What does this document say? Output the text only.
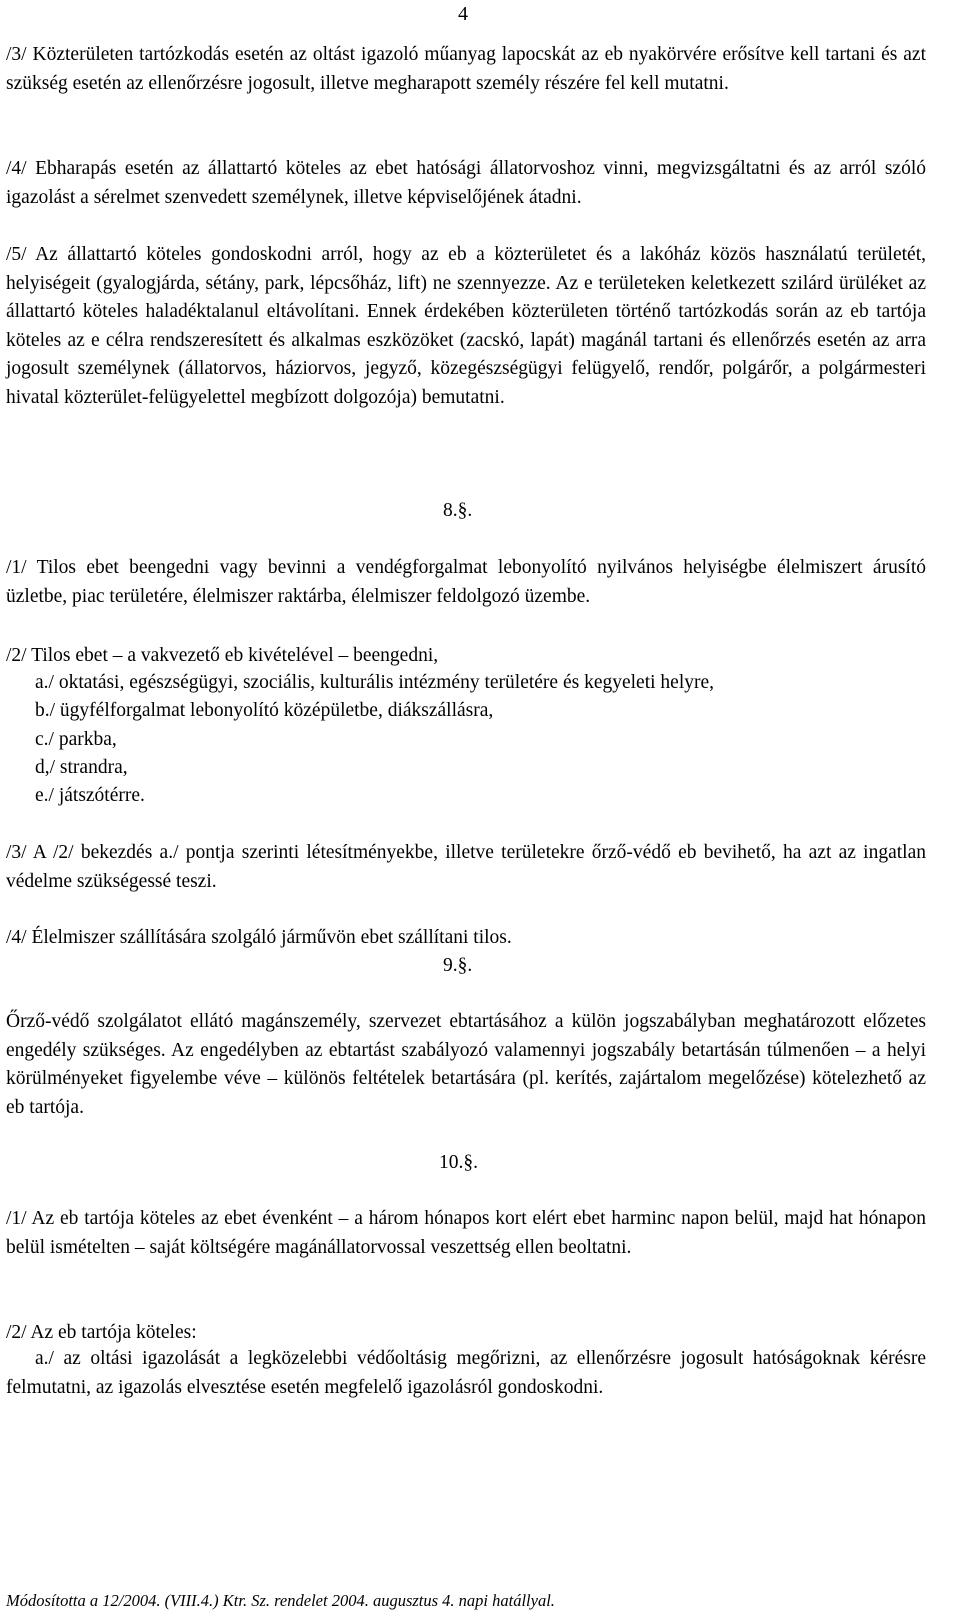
4

/3/ Közterületen tartózkodás esetén az oltást igazoló műanyag lapocskát az eb nyakörvére erősítve kell tartani és azt szükség esetén az ellenőrzésre jogosult, illetve megharapott személy részére fel kell mutatni.

/4/ Ebharapás esetén az állattartó köteles az ebet hatósági állatorvoshoz vinni, megvizsgáltatni és az arról szóló igazolást a sérelmet szenvedett személynek, illetve képviselőjének átadni.

/5/ Az állattartó köteles gondoskodni arról, hogy az eb a közterületet és a lakóház közös használatú területét, helyiségeit (gyalogjárda, sétány, park, lépcsőház, lift) ne szennyezze. Az e területeken keletkezett szilárd ürüléket az állattartó köteles haladéktalanul eltávolítani. Ennek érdekében közterületen történő tartózkodás során az eb tartója köteles az e célra rendszeresített és alkalmas eszközöket (zacskó, lapát) magánál tartani és ellenőrzés esetén az arra jogosult személynek (állatorvos, háziorvos, jegyző, közegészségügyi felügyelő, rendőr, polgárőr, a polgármesteri hivatal közterület-felügyelettel megbízott dolgozója) bemutatni.

8.§.

/1/ Tilos ebet beengedni vagy bevinni a vendégforgalmat lebonyolító nyilvános helyiségbe élelmiszert árusító üzletbe, piac területére, élelmiszer raktárba, élelmiszer feldolgozó üzembe.

/2/ Tilos ebet – a vakvezető eb kivételével – beengedni,
a./ oktatási, egészségügyi, szociális, kulturális intézmény területére és kegyeleti helyre,
b./ ügyfélforgalmat lebonyolító középületbe, diákszállásra,
c./ parkba,
d,/ strandra,
e./ játszótérre.

/3/ A /2/ bekezdés a./ pontja szerinti létesítményekbe, illetve területekre őrző-védő eb bevihető, ha azt az ingatlan védelme szükségessé teszi.

/4/ Élelmiszer szállítására szolgáló járművön ebet szállítani tilos.
9.§.

Őrző-védő szolgálatot ellátó magánszemély, szervezet ebtartásához a külön jogszabályban meghatározott előzetes engedély szükséges. Az engedélyben az ebtartást szabályozó valamennyi jogszabály betartásán túlmenően – a helyi körülményeket figyelembe véve – különös feltételek betartására (pl. kerítés, zajártalom megelőzése) kötelezhető az eb tartója.

10.§.

/1/ Az eb tartója köteles az ebet évenként – a három hónapos kort elért ebet harminc napon belül, majd hat hónapon belül ismételten – saját költségére magánállatorvossal veszettség ellen beoltatni.

/2/ Az eb tartója köteles:

a./ az oltási igazolását a legközelebbi védőoltásig megőrizni, az ellenőrzésre jogosult hatóságoknak kérésre felmutatni, az igazolás elvesztése esetén megfelelő igazolásról gondoskodni.

Módosította a 12/2004. (VIII.4.) Ktr. Sz. rendelet 2004. augusztus 4. napi hatállyal.
